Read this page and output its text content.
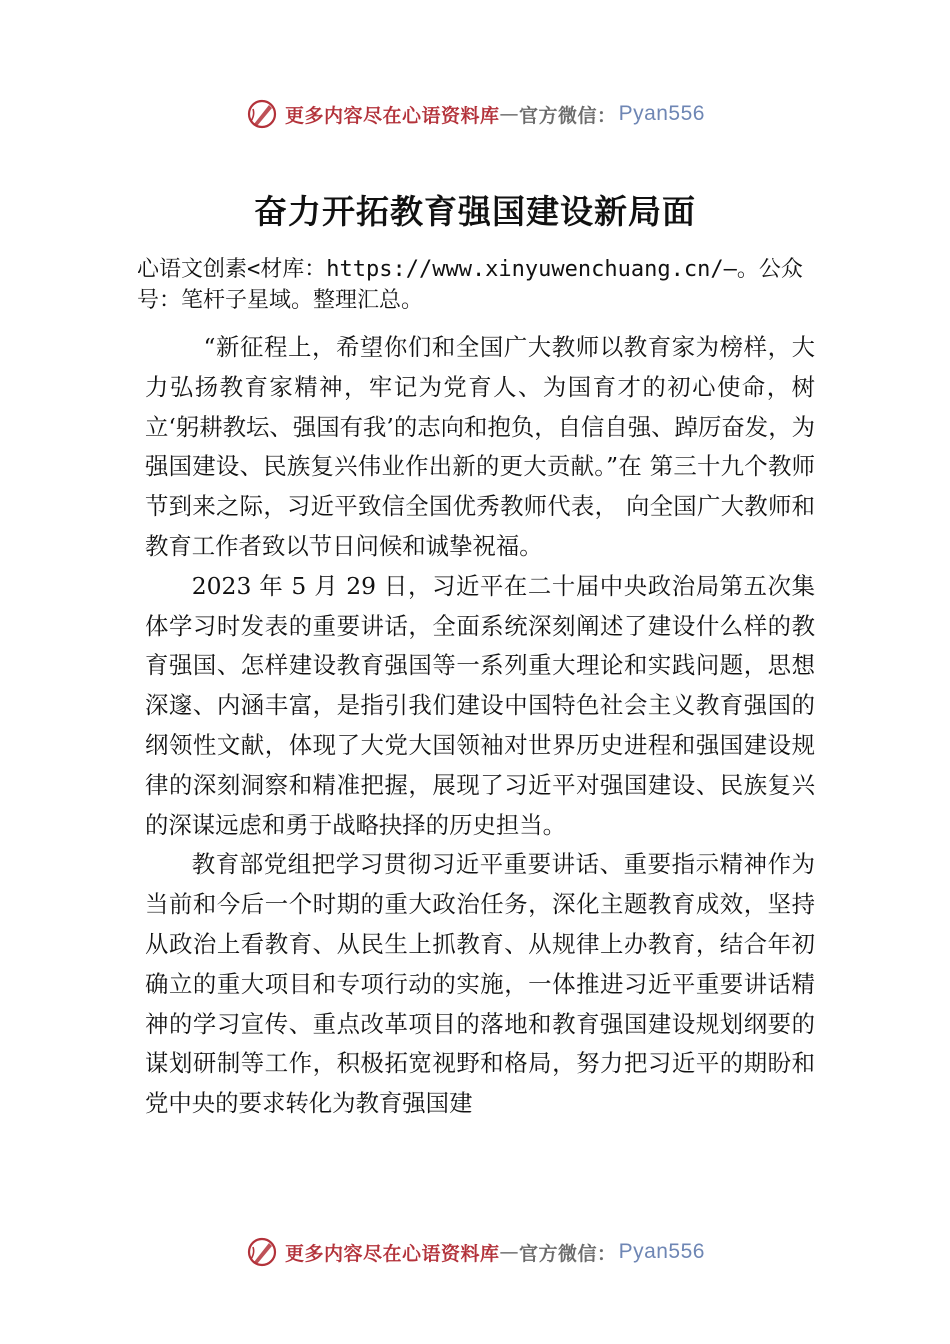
更多内容尽在心语资料库 — 官方微信： Pyan556
奋力开拓教育强国建设新局面
心语文创素<材库：https://www.xinyuwenchuang.cn/—。公众号：笔杆子星域。整理汇总。

“新征程上，希望你们和全国广大教师以教育家为榜样，大力弘扬教育家精神，牢记为党育人、为国育才的初心使命，树立‘躬耕教坛、强国有我’的志向和抱负，自信自强、踔厉奋发，为强国建设、民族复兴伟业作出新的更大贡献。”在 第三十九个教师节到来之际，习近平致信全国优秀教师代表， 向全国广大教师和教育工作者致以节日问候和诚挚祝福。

2023 年 5 月 29 日，习近平在二十届中央政治局第五次集体学习时发表的重要讲话，全面系统深刻阐述了建设什么样的教育强国、怎样建设教育强国等一系列重大理论和实践问题，思想深邃、内涵丰富，是指引我们建设中国特色社会主义教育强国的纲领性文献，体现了大党大国领袖对世界历史进程和强国建设规律的深刻洞察和精准把握，展现了习近平对强国建设、民族复兴的深谋远虑和勇于战略抉择的历史担当。

教育部党组把学习贯彻习近平重要讲话、重要指示精神作为当前和今后一个时期的重大政治任务，深化主题教育成效，坚持从政治上看教育、从民生上抓教育、从规律上办教育，结合年初确立的重大项目和专项行动的实施，一体推进习近平重要讲话精神的学习宣传、重点改革项目的落地和教育强国建设规划纲要的谋划研制等工作，积极拓宽视野和格局，努力把习近平的期盼和党中央的要求转化为教育强国建

更多内容尽在心语资料库 — 官方微信： Pyan556
